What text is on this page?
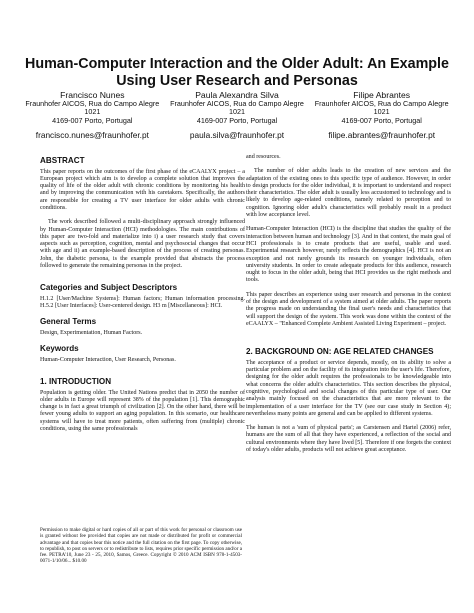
Human-Computer Interaction and the Older Adult: An Example Using User Research and Personas
Francisco Nunes
Fraunhofer AICOS, Rua do Campo Alegre 1021
4169-007 Porto, Portugal
francisco.nunes@fraunhofer.pt
Paula Alexandra Silva
Fraunhofer AICOS, Rua do Campo Alegre 1021
4169-007 Porto, Portugal
paula.silva@fraunhofer.pt
Filipe Abrantes
Fraunhofer AICOS, Rua do Campo Alegre 1021
4169-007 Porto, Portugal
filipe.abrantes@fraunhofer.pt
ABSTRACT

This paper reports on the outcomes of the first phase of the eCAALYX project – a European project which aim is to develop a complete solution that improves the quality of life of the older adult with chronic conditions by monitoring his health and by improving the communication with his caretakers. Specifically, the authors are responsible for creating a TV user interface for older adults with chronic conditions.

The work described followed a multi-disciplinary approach strongly influenced by Human-Computer Interaction (HCI) methodologies. The main contributions of this paper are two-fold and materialize into i) a user research study that covers aspects such as perception, cognition, mental and psychosocial changes that occur with age and ii) an example-based description of the process of creating personas. John, the diabetic persona, is the example provided that abstracts the process followed to generate the remaining personas in the project.

Categories and Subject Descriptors

H.1.2 [User/Machine Systems]: Human factors; Human information processing. H.5.2 [User Interfaces]: User-centered design. H3 m [Miscellaneous]: HCI.

General Terms

Design, Experimentation, Human Factors.

Keywords

Human-Computer Interaction, User Research, Personas.

1. INTRODUCTION

Population is getting older. The United Nations predict that in 2050 the number of older adults in Europe will represent 38% of the population [1]. This demographic change is in fact a great triumph of civilization [2]. On the other hand, there will be fewer young adults to support an aging population. In this scenario, our healthcare systems will have to treat more patients, often suffering from (multiple) chronic conditions, using the same professionals

Permission to make digital or hard copies of all or part of this work for personal or classroom use is granted without fee provided that copies are not made or distributed for profit or commercial advantage and that copies bear this notice and the full citation on the first page. To copy otherwise, to republish, to post on servers or to redistribute to lists, requires prior specific permission and/or a fee. PETRA'10, June 23 - 25, 2010, Samos, Greece. Copyright © 2010 ACM ISBN 978-1-4503-0071-1/10/06... $10.00

and resources.

The number of older adults leads to the creation of new services and the adaptation of the existing ones to this specific type of audience. However, in order to design products for the older individual, it is important to understand and respect their characteristics. The older adult is usually less accustomed to technology and is likely to develop age-related conditions, namely related to perception and to cognition. Ignoring older adult's characteristics will probably result in a product with low acceptance level.

Human-Computer Interaction (HCI) is the discipline that studies the quality of the interaction between human and technology [3]. And in that context, the main goal of HCI professionals is to create products that are useful, usable and used. Experimental research however, rarely reflects the demographics [4]. HCI is not an exception and not rarely grounds its research on younger individuals, often university students. In order to create adequate products for this audience, research ought to focus in the older adult, being that HCI provides us the right methods and tools.

This paper describes an experience using user research and personas in the context of the design and development of a system aimed at older adults. The paper reports the progress made on understanding the final user's needs and characteristics that will support the design of the system. This work was done within the context of the eCAALYX – "Enhanced Complete Ambient Assisted Living Experiment – project.

2. BACKGROUND ON: AGE RELATED CHANGES

The acceptance of a product or service depends, mostly, on its ability to solve a particular problem and on the facility of its integration into the user's life. Therefore, designing for the older adult requires the professionals to be knowledgeable into what concerns the older adult's characteristics. This section describes the physical, cognitive, psychological and social changes of this particular type of user. Our analysis mainly focused on the characteristics that are more relevant to the implementation of a user interface for the TV (see our case study in Section 4); nevertheless many points are general and can be applied to different systems.

The human is not a 'sum of physical parts'; as Carstensen and Hartel (2006) refer, humans are the sum of all that they have experienced, a reflection of the social and cultural environments where they have lived [5]. Therefore if one forgets the context of today's older adults, products will not achieve great acceptance.
